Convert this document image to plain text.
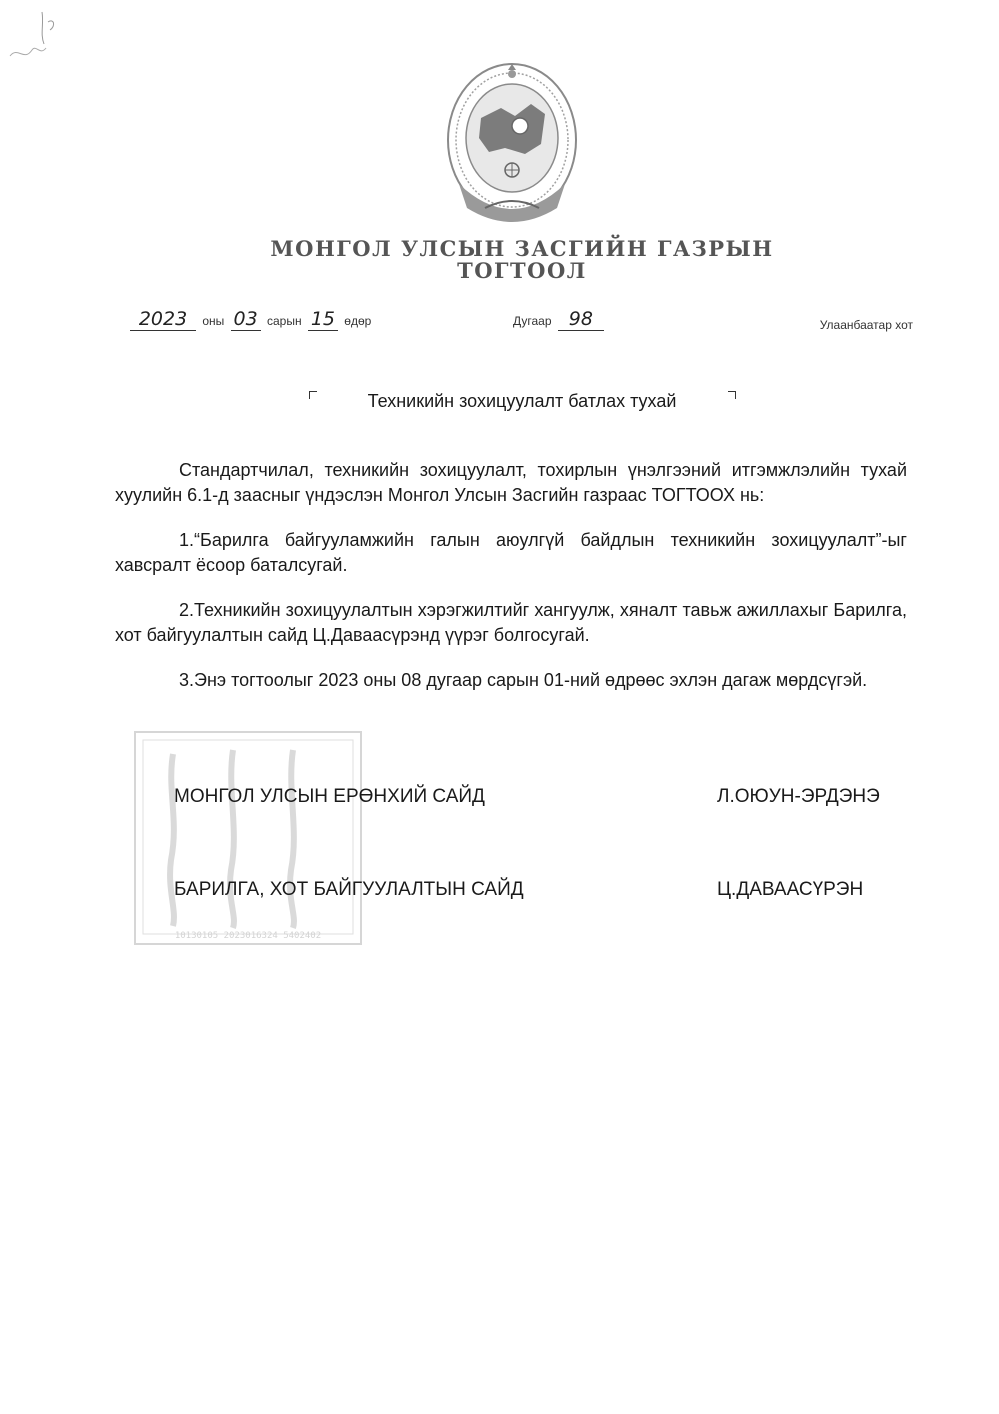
МОНГОЛ УЛСЫН ЗАСГИЙН ГАЗРЫН
ТОГТООЛ
2023 оны 03 сарын 15 өдөр	Дугаар 98	Улаанбаатар хот
Техникийн зохицуулалт батлах тухай

Стандартчилал, техникийн зохицуулалт, тохирлын үнэлгээний итгэмжлэлийн тухай хуулийн 6.1-д заасныг үндэслэн Монгол Улсын Засгийн газраас ТОГТООХ нь:

1.“Барилга байгууламжийн галын аюулгүй байдлын техникийн зохицуулалт”-ыг хавсралт ёсоор баталсугай.

2.Техникийн зохицуулалтын хэрэгжилтийг хангуулж, хяналт тавьж ажиллахыг Барилга, хот байгуулалтын сайд Ц.Даваасүрэнд үүрэг болгосугай.

3.Энэ тогтоолыг 2023 оны 08 дугаар сарын 01-ний өдрөөс эхлэн дагаж мөрдсүгэй.

10130105 2023016324 5402402
МОНГОЛ УЛСЫН ЕРӨНХИЙ САЙД	Л.ОЮУН-ЭРДЭНЭ
БАРИЛГА, ХОТ БАЙГУУЛАЛТЫН САЙД	Ц.ДАВААСҮРЭН
